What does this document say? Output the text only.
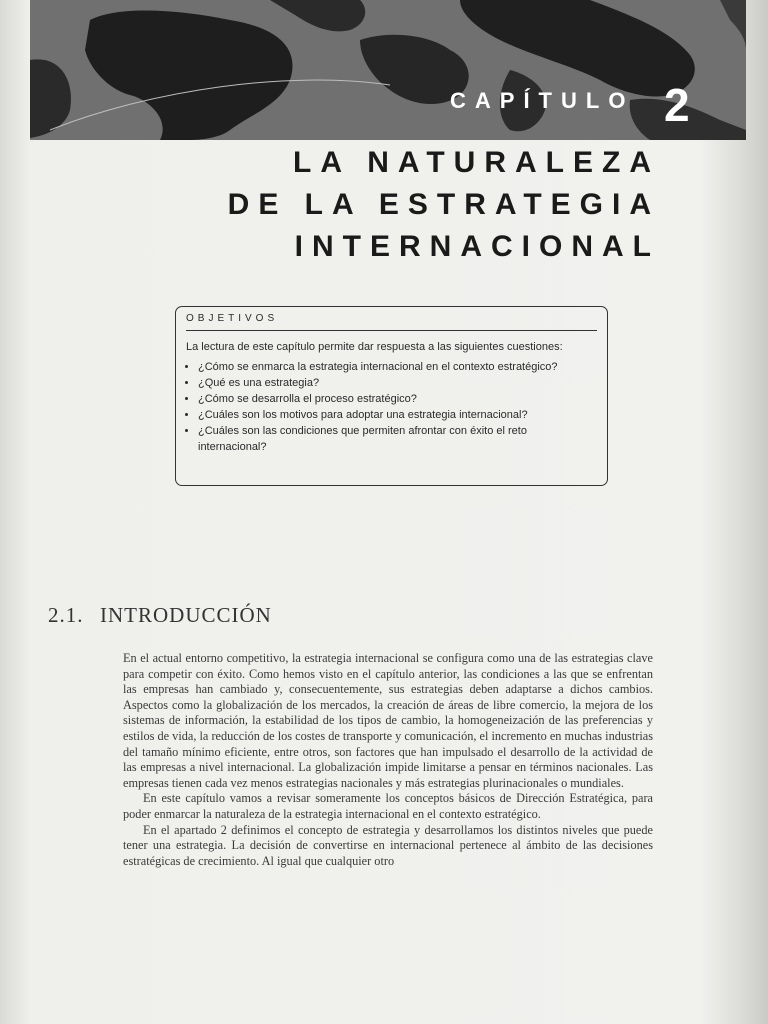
CAPÍTULO 2
LA NATURALEZA
DE LA ESTRATEGIA
INTERNACIONAL
OBJETIVOS
La lectura de este capítulo permite dar respuesta a las siguientes cuestiones:
• ¿Cómo se enmarca la estrategia internacional en el contexto estratégico?
• ¿Qué es una estrategia?
• ¿Cómo se desarrolla el proceso estratégico?
• ¿Cuáles son los motivos para adoptar una estrategia internacional?
• ¿Cuáles son las condiciones que permiten afrontar con éxito el reto internacional?
2.1. INTRODUCCIÓN

En el actual entorno competitivo, la estrategia internacional se configura como una de las estrategias clave para competir con éxito. Como hemos visto en el capítulo anterior, las condiciones a las que se enfrentan las empresas han cambiado y, consecuentemente, sus estrategias deben adaptarse a dichos cambios. Aspectos como la globalización de los mercados, la creación de áreas de libre comercio, la mejora de los sistemas de información, la estabilidad de los tipos de cambio, la homogeneización de las preferencias y estilos de vida, la reducción de los costes de transporte y comunicación, el incremento en muchas industrias del tamaño mínimo eficiente, entre otros, son factores que han impulsado el desarrollo de la actividad de las empresas a nivel internacional. La globalización impide limitarse a pensar en términos nacionales. Las empresas tienen cada vez menos estrategias nacionales y más estrategias plurinacionales o mundiales.

En este capítulo vamos a revisar someramente los conceptos básicos de Dirección Estratégica, para poder enmarcar la naturaleza de la estrategia internacional en el contexto estratégico.

En el apartado 2 definimos el concepto de estrategia y desarrollamos los distintos niveles que puede tener una estrategia. La decisión de convertirse en internacional pertenece al ámbito de las decisiones estratégicas de crecimiento. Al igual que cualquier otro
